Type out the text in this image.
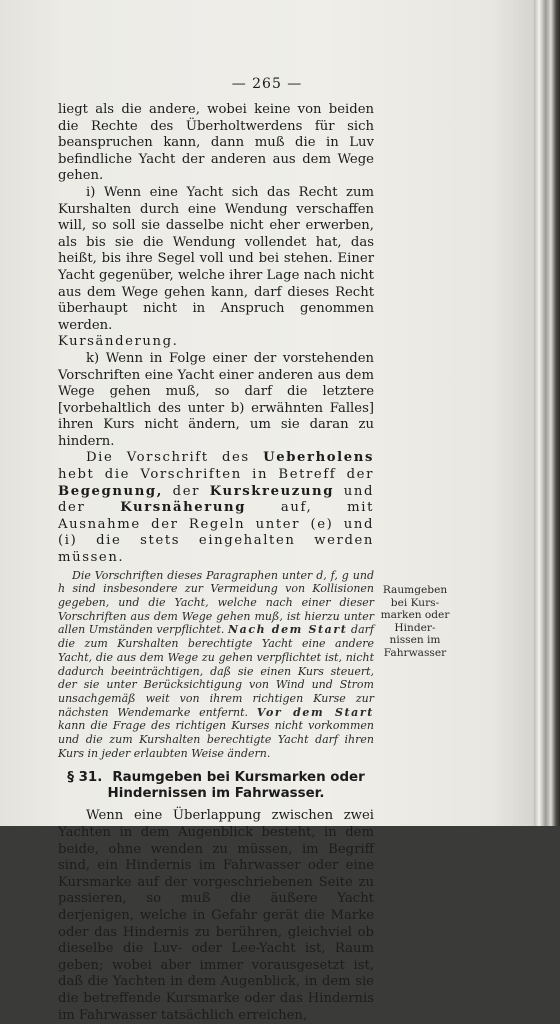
— 265 —

liegt als die andere, wobei keine von beiden die Rechte des Überholtwerdens für sich beanspruchen kann, dann muß die in Luv befindliche Yacht der anderen aus dem Wege gehen.

i) Wenn eine Yacht sich das Recht zum Kurshalten durch eine Wendung verschaffen will, so soll sie dasselbe nicht eher erwerben, als bis sie die Wendung vollendet hat, das heißt, bis ihre Segel voll und bei stehen. Einer Yacht gegenüber, welche ihrer Lage nach nicht aus dem Wege gehen kann, darf dieses Recht überhaupt nicht in Anspruch genommen werden.

Kursänderung.

k) Wenn in Folge einer der vorstehenden Vorschriften eine Yacht einer anderen aus dem Wege gehen muß, so darf die letztere [vorbehaltlich des unter b) erwähnten Falles] ihren Kurs nicht ändern, um sie daran zu hindern.

Die Vorschrift des Ueberholens hebt die Vorschriften in Betreff der Begegnung, der Kurskreuzung und der Kursnäherung auf, mit Ausnahme der Regeln unter (e) und (i) die stets eingehalten werden müssen.

Die Vorschriften dieses Paragraphen unter d, f, g und h sind insbesondere zur Vermeidung von Kollisionen gegeben, und die Yacht, welche nach einer dieser Vorschriften aus dem Wege gehen muß, ist hierzu unter allen Umständen verpflichtet. Nach dem Start darf die zum Kurshalten berechtigte Yacht eine andere Yacht, die aus dem Wege zu gehen verpflichtet ist, nicht dadurch beeinträchtigen, daß sie einen Kurs steuert, der sie unter Berücksichtigung von Wind und Strom unsachgemäß weit von ihrem richtigen Kurse zur nächsten Wendemarke entfernt. Vor dem Start kann die Frage des richtigen Kurses nicht vorkommen und die zum Kurshalten berechtigte Yacht darf ihren Kurs in jeder erlaubten Weise ändern.

§ 31. Raumgeben bei Kursmarken oder
Hindernissen im Fahrwasser.

Wenn eine Überlappung zwischen zwei Yachten in dem Augenblick besteht, in dem beide, ohne wenden zu müssen, im Begriff sind, ein Hindernis im Fahrwasser oder eine Kursmarke auf der vorgeschriebenen Seite zu passieren, so muß die äußere Yacht derjenigen, welche in Gefahr gerät die Marke oder das Hindernis zu berühren, gleichviel ob dieselbe die Luv- oder Lee-Yacht ist, Raum geben; wobei aber immer vorausgesetzt ist, daß die Yachten in dem Augenblick, in dem sie die betreffende Kursmarke oder das Hindernis im Fahrwasser tatsächlich erreichen,

Raumgeben
bei Kurs-
marken oder
Hinder-
nissen im
Fahrwasser
